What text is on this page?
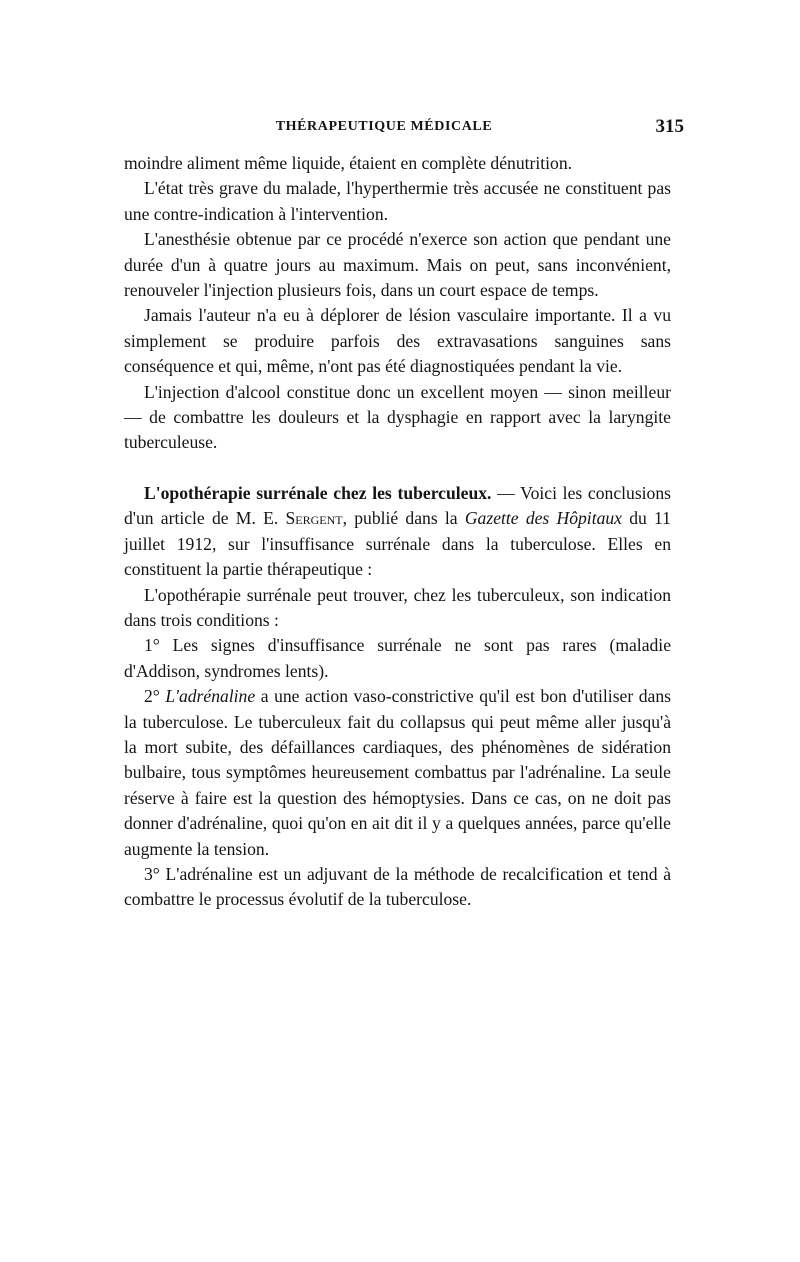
THÉRAPEUTIQUE MÉDICALE	315

moindre aliment même liquide, étaient en complète dénutrition.

L'état très grave du malade, l'hyperthermie très accusée ne constituent pas une contre-indication à l'intervention.

L'anesthésie obtenue par ce procédé n'exerce son action que pendant une durée d'un à quatre jours au maximum. Mais on peut, sans inconvénient, renouveler l'injection plusieurs fois, dans un court espace de temps.

Jamais l'auteur n'a eu à déplorer de lésion vasculaire importante. Il a vu simplement se produire parfois des extravasations sanguines sans conséquence et qui, même, n'ont pas été diagnostiquées pendant la vie.

L'injection d'alcool constitue donc un excellent moyen — sinon meilleur — de combattre les douleurs et la dysphagie en rapport avec la laryngite tuberculeuse.

L'opothérapie surrénale chez les tuberculeux. — Voici les conclusions d'un article de M. E. Sergent, publié dans la Gazette des Hôpitaux du 11 juillet 1912, sur l'insuffisance surrénale dans la tuberculose. Elles en constituent la partie thérapeutique :

L'opothérapie surrénale peut trouver, chez les tuberculeux, son indication dans trois conditions :

1° Les signes d'insuffisance surrénale ne sont pas rares (maladie d'Addison, syndromes lents).

2° L'adrénaline a une action vaso-constrictive qu'il est bon d'utiliser dans la tuberculose. Le tuberculeux fait du collapsus qui peut même aller jusqu'à la mort subite, des défaillances cardiaques, des phénomènes de sidération bulbaire, tous symptômes heureusement combattus par l'adrénaline. La seule réserve à faire est la question des hémoptysies. Dans ce cas, on ne doit pas donner d'adrénaline, quoi qu'on en ait dit il y a quelques années, parce qu'elle augmente la tension.

3° L'adrénaline est un adjuvant de la méthode de recalcification et tend à combattre le processus évolutif de la tuberculose.
